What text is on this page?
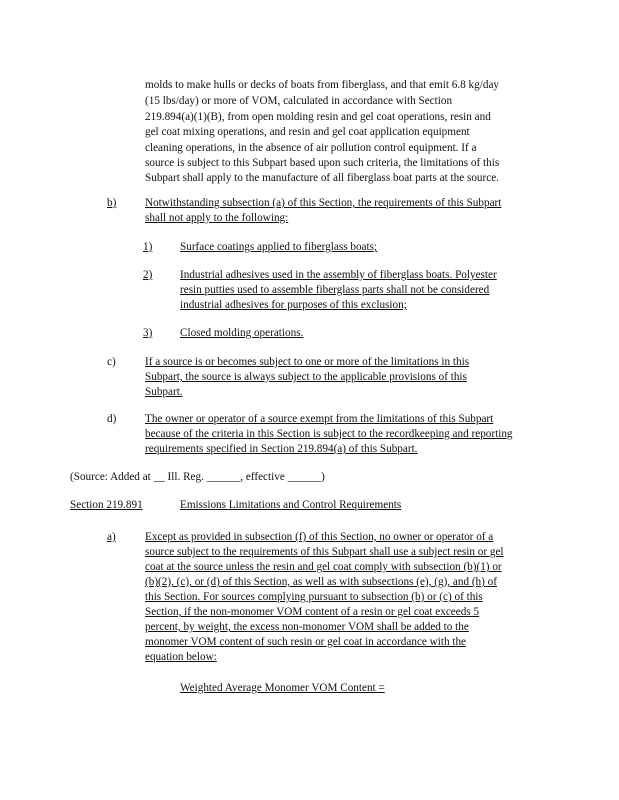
molds to make hulls or decks of boats from fiberglass, and that emit 6.8 kg/day
(15 lbs/day) or more of VOM, calculated in accordance with Section
219.894(a)(1)(B), from open molding resin and gel coat operations, resin and
gel coat mixing operations, and resin and gel coat application equipment
cleaning operations, in the absence of air pollution control equipment. If a
source is subject to this Subpart based upon such criteria, the limitations of this
Subpart shall apply to the manufacture of all fiberglass boat parts at the source.
b)	Notwithstanding subsection (a) of this Section, the requirements of this Subpart
shall not apply to the following:
1) Surface coatings applied to fiberglass boats;
2) Industrial adhesives used in the assembly of fiberglass boats. Polyester
resin putties used to assemble fiberglass parts shall not be considered
industrial adhesives for purposes of this exclusion;
3) Closed molding operations.
c)	If a source is or becomes subject to one or more of the limitations in this
Subpart, the source is always subject to the applicable provisions of this
Subpart.
d)	The owner or operator of a source exempt from the limitations of this Subpart
because of the criteria in this Section is subject to the recordkeeping and reporting
requirements specified in Section 219.894(a) of this Subpart.
(Source: Added at __ Ill. Reg. ______, effective ______)
Section 219.891	Emissions Limitations and Control Requirements
a)	Except as provided in subsection (f) of this Section, no owner or operator of a
source subject to the requirements of this Subpart shall use a subject resin or gel
coat at the source unless the resin and gel coat comply with subsection (b)(1) or
(b)(2), (c), or (d) of this Section, as well as with subsections (e), (g), and (h) of
this Section. For sources complying pursuant to subsection (b) or (c) of this
Section, if the non-monomer VOM content of a resin or gel coat exceeds 5
percent, by weight, the excess non-monomer VOM shall be added to the
monomer VOM content of such resin or gel coat in accordance with the
equation below:
Weighted Average Monomer VOM Content =
